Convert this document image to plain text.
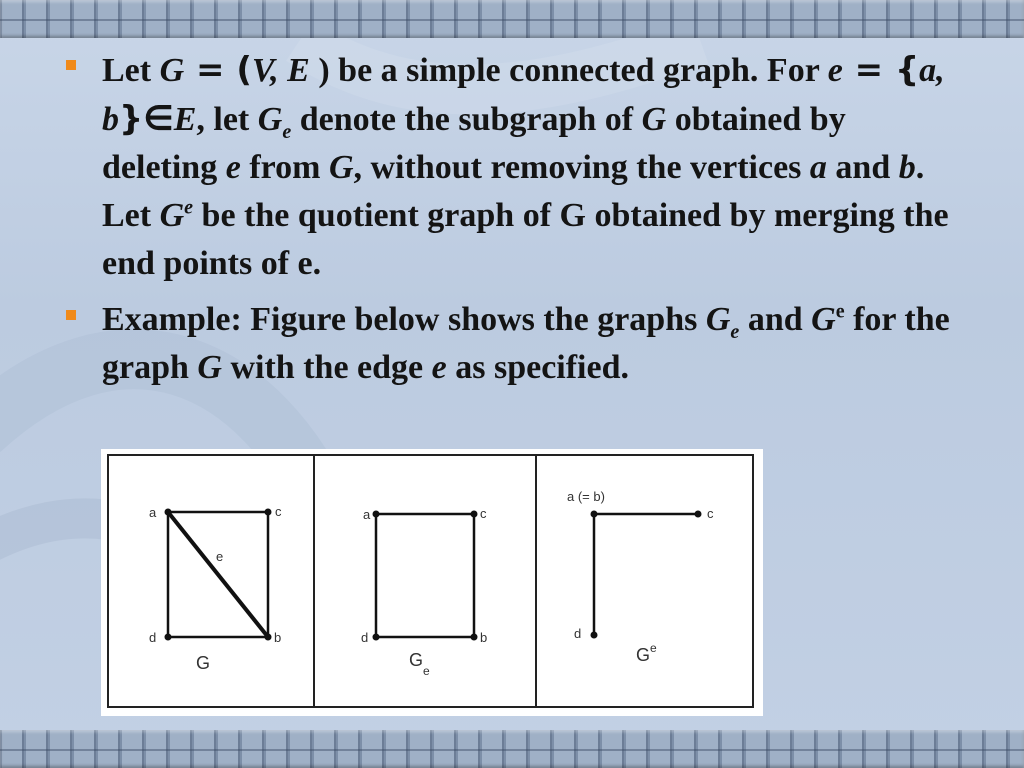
Let G = (V, E ) be a simple connected graph. For e = {a, b}∈E, let $G_e$ denote the subgraph of G obtained by deleting e from G, without removing the vertices a and b. Let $G^e$ be the quotient graph of G obtained by merging the end points of e.

Example: Figure below shows the graphs $G_e$ and $G^e$ for the graph G with the edge e as specified.

a	c
d	b
e
G
a	c
d	b
G
e
a (= b)
c
d
G e
